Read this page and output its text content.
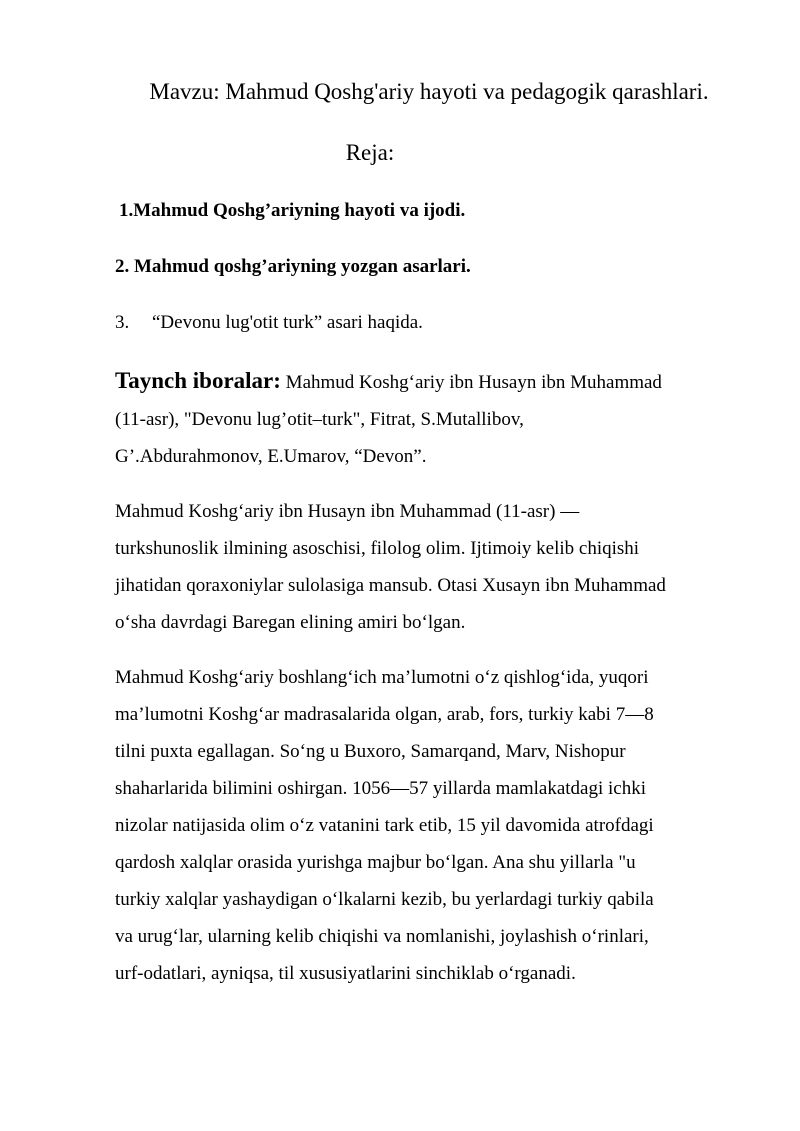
Mavzu: Mahmud Qoshg'ariy hayoti va pedagogik qarashlari.
Reja:
1.Mahmud Qoshg’ariyning hayoti va ijodi.
2. Mahmud qoshg’ariyning yozgan asarlari.
3. “Devonu lug'otit turk” asari haqida.
Taynch iboralar: Mahmud Koshg‘ariy ibn Husayn ibn Muhammad
(11-asr), "Devonu lug’otit–turk", Fitrat, S.Mutallibov,
G’.Abdurahmonov, E.Umarov, “Devon”.
Mahmud Koshg‘ariy ibn Husayn ibn Muhammad (11-asr) —
turkshunoslik ilmining asoschisi, filolog olim. Ijtimoiy kelib chiqishi
jihatidan qoraxoniylar sulolasiga mansub. Otasi Xusayn ibn Muhammad
o‘sha davrdagi Baregan elining amiri bo‘lgan.
Mahmud Koshg‘ariy boshlang‘ich ma’lumotni o‘z qishlog‘ida, yuqori
ma’lumotni Koshg‘ar madrasalarida olgan, arab, fors, turkiy kabi 7—8
tilni puxta egallagan. So‘ng u Buxoro, Samarqand, Marv, Nishopur
shaharlarida bilimini oshirgan. 1056—57 yillarda mamlakatdagi ichki
nizolar natijasida olim o‘z vatanini tark etib, 15 yil davomida atrofdagi
qardosh xalqlar orasida yurishga majbur bo‘lgan. Ana shu yillarla "u
turkiy xalqlar yashaydigan o‘lkalarni kezib, bu yerlardagi turkiy qabila
va urug‘lar, ularning kelib chiqishi va nomlanishi, joylashish o‘rinlari,
urf-odatlari, ayniqsa, til xususiyatlarini sinchiklab o‘rganadi.
